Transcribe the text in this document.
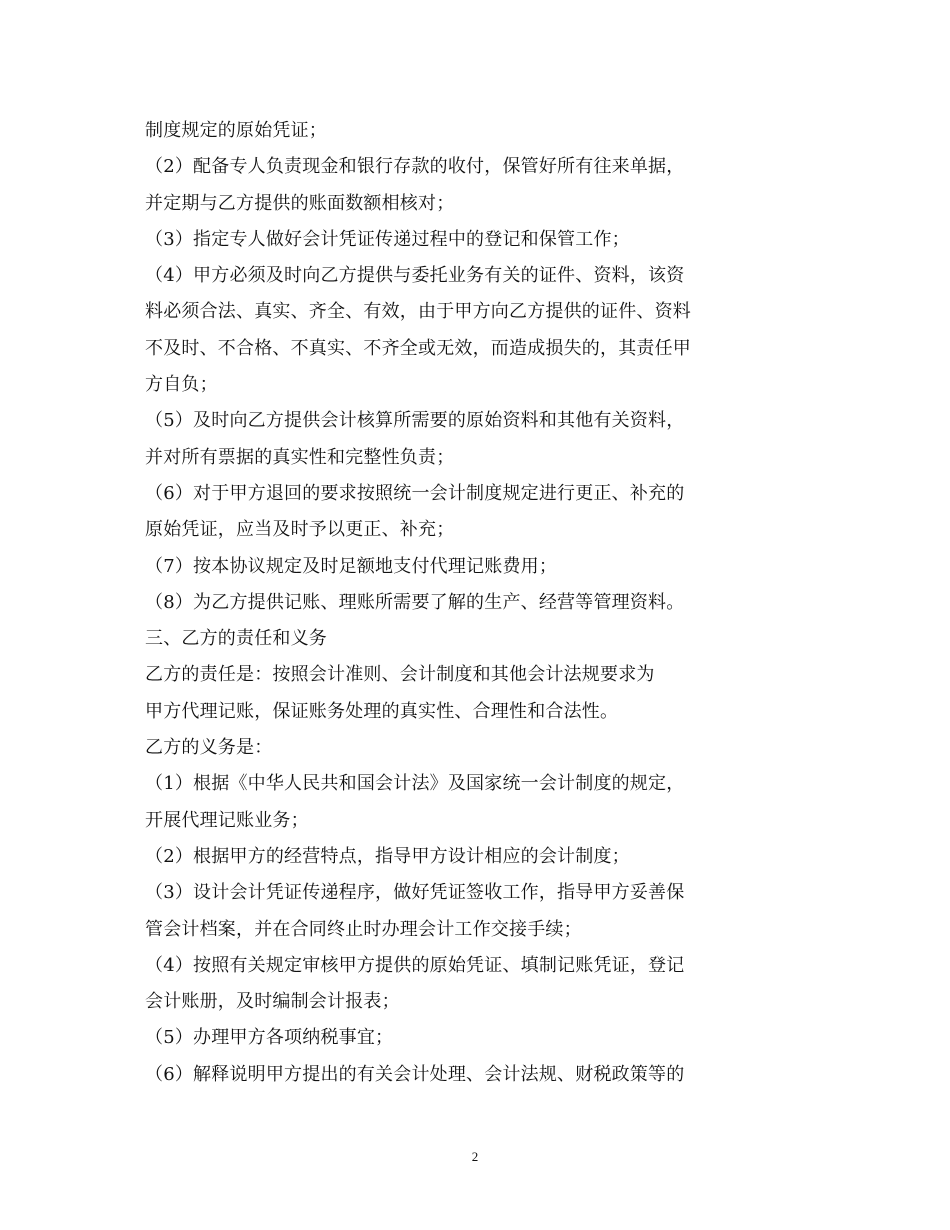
制度规定的原始凭证；
（2）配备专人负责现金和银行存款的收付，保管好所有往来单据，
并定期与乙方提供的账面数额相核对；
（3）指定专人做好会计凭证传递过程中的登记和保管工作；
（4）甲方必须及时向乙方提供与委托业务有关的证件、资料，该资
料必须合法、真实、齐全、有效，由于甲方向乙方提供的证件、资料
不及时、不合格、不真实、不齐全或无效，而造成损失的，其责任甲
方自负；
（5）及时向乙方提供会计核算所需要的原始资料和其他有关资料，
并对所有票据的真实性和完整性负责；
（6）对于甲方退回的要求按照统一会计制度规定进行更正、补充的
原始凭证，应当及时予以更正、补充；
（7）按本协议规定及时足额地支付代理记账费用；
（8）为乙方提供记账、理账所需要了解的生产、经营等管理资料。
三、乙方的责任和义务
乙方的责任是：按照会计准则、会计制度和其他会计法规要求为
甲方代理记账，保证账务处理的真实性、合理性和合法性。
乙方的义务是：
（1）根据《中华人民共和国会计法》及国家统一会计制度的规定，
开展代理记账业务；
（2）根据甲方的经营特点，指导甲方设计相应的会计制度；
（3）设计会计凭证传递程序，做好凭证签收工作，指导甲方妥善保
管会计档案，并在合同终止时办理会计工作交接手续；
（4）按照有关规定审核甲方提供的原始凭证、填制记账凭证，登记
会计账册，及时编制会计报表；
（5）办理甲方各项纳税事宜；
（6）解释说明甲方提出的有关会计处理、会计法规、财税政策等的
2
